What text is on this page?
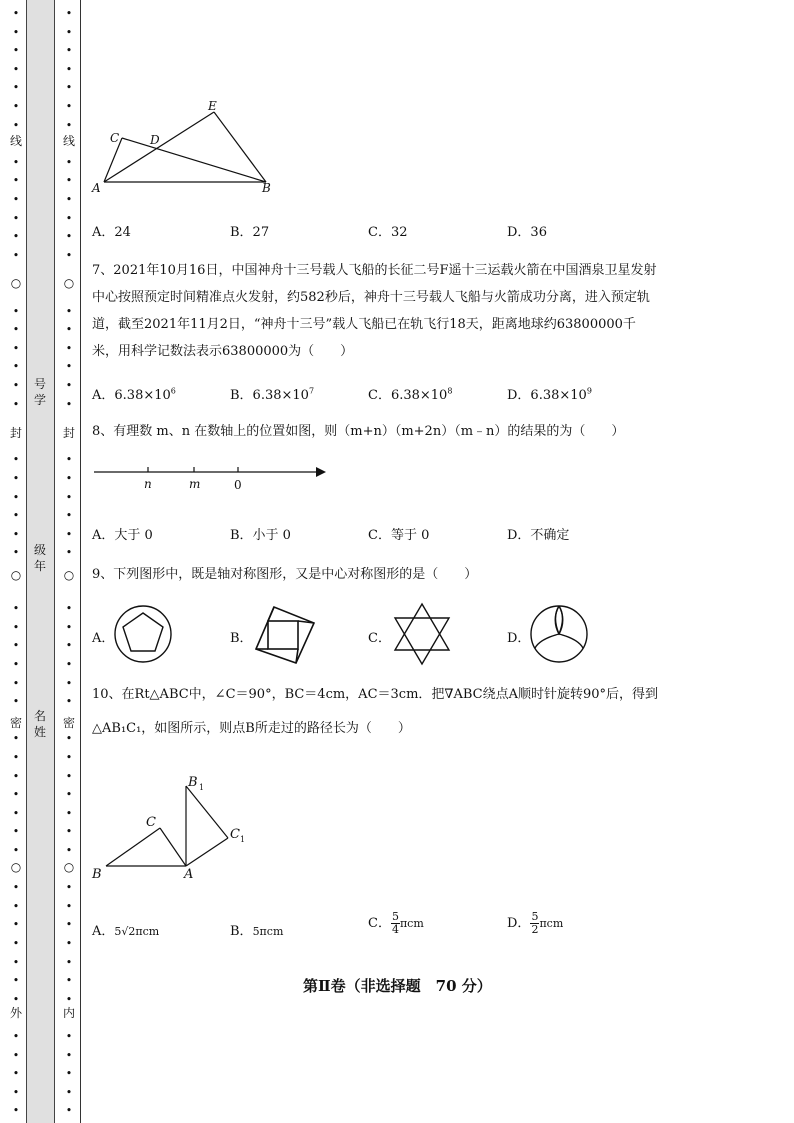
线
○
封
○
密
○
外
线
○
封
○
密
○
内
号学
级年
名姓
A	B
C	D
E
A．24	B．27	C．32	D．36
7、2021年10月16日，中国神舟十三号载人飞船的长征二号F遥十三运载火箭在中国酒泉卫星发射
中心按照预定时间精准点火发射，约582秒后，神舟十三号载人飞船与火箭成功分离，进入预定轨
道，截至2021年11月2日，“神舟十三号”载人飞船已在轨飞行18天，距离地球约63800000千
米，用科学记数法表示63800000为（　　）
A．$6.38\times 10^6$	B．$6.38\times 10^7$	C．$6.38\times 10^8$	D．$6.38\times 10^9$
8、有理数 m、n 在数轴上的位置如图，则（m+n）（m+2n）（m﹣n）的结果的为（　　）
n	m	0
A．大于 0	B．小于 0	C．等于 0	D．不确定
9、下列图形中，既是轴对称图形，又是中心对称图形的是（　　）
A．	B．	C．	D．
10、在Rt△ABC中，∠C＝90°，BC＝4cm，AC＝3cm．把∇ABC绕点A顺时针旋转90°后，得到
△AB₁C₁，如图所示，则点B所走过的路径长为（　　）
B
C
A
B 1
C 1
A．5√2πcm	B．5πcm
C． $\frac{5}{4}$ πcm	D． $\frac{5}{2}$ πcm
第Ⅱ卷（非选择题　70 分）
•
•
•
•
•
•
•
•
•
•
•
•
•
•
•
•
•
•
•
•
•
•
•
•
•
•
•
•
•
•
•
•
•
•
•
•
•
•
•
•
•
•
•
•
•
•
•
•
•
•
•
•
•
•
•
•
•
•
•
•
•
•
•
•
•
•
•
•
•
•
•
•
•
•
•
•
•
•
•
•
•
•
•
•
•
•
•
•
•
•
•
•
•
•
•
•
•
•
•
•
